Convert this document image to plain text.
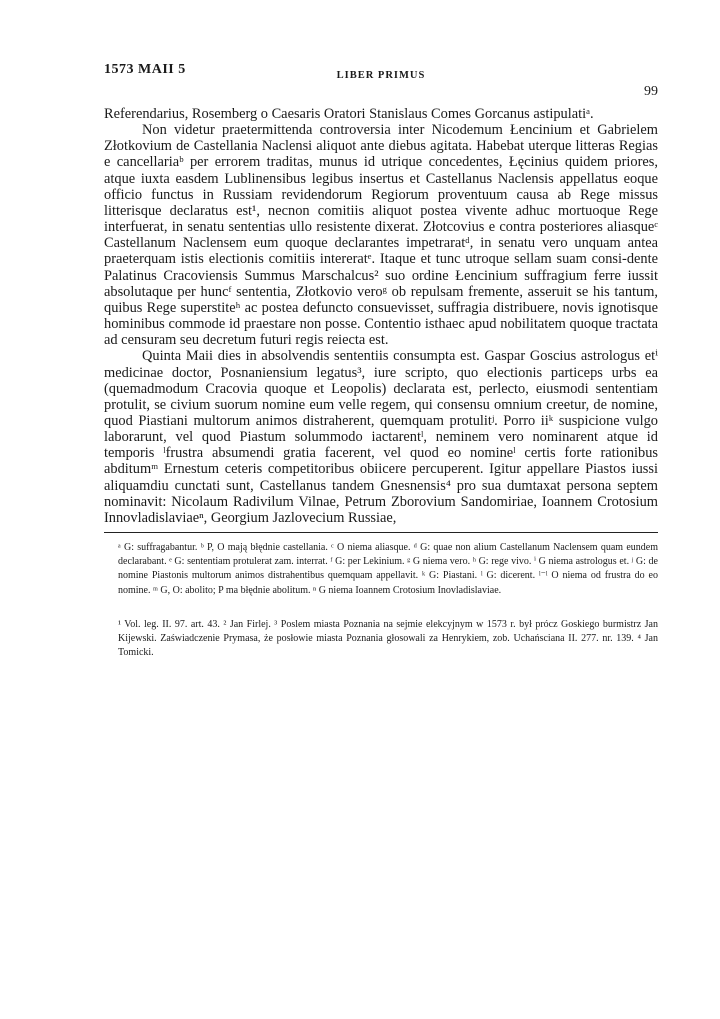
1573 MAII 5	LIBER PRIMUS
99

Referendarius, Rosemberg o Caesaris Oratori Stanislaus Comes Gorcanus astipulatiᵃ.

Non videtur praetermittenda controversia inter Nicodemum Łencinium et Gabrielem Złotkovium de Castellania Naclensi aliquot ante diebus agitata. Habebat uterque litteras Regias e cancellariaᵇ per errorem traditas, munus id utrique concedentes, Łęcinius quidem priores, atque iuxta easdem Lublinensibus legibus insertus et Castellanus Naclensis appellatus eoque officio functus in Russiam revidendorum Regiorum proventuum causa ab Rege missus litterisque declaratus est¹, necnon comitiis aliquot postea vivente adhuc mortuoque Rege interfuerat, in senatu sententias ullo resistente dixerat. Złotcovius e contra posteriores aliasqueᶜ Castellanum Naclensem eum quoque declarantes impetraratᵈ, in senatu vero unquam antea praeterquam istis electionis comitiis intereratᵉ. Itaque et tunc utroque sellam suam consi-dente Palatinus Cracoviensis Summus Marschalcus² suo ordine Łencinium suffragium ferre iussit absolutaque per huncᶠ sententia, Złotkovio veroᵍ ob repulsam fremente, asseruit se his tantum, quibus Rege superstiteʰ ac postea defuncto consuevisset, suffragia distribuere, novis ignotisque hominibus commode id praestare non posse. Contentio isthaec apud nobilitatem quoque tractata ad censuram seu decretum futuri regis reiecta est.

Quinta Maii dies in absolvendis sententiis consumpta est. Gaspar Goscius astrologus etⁱ medicinae doctor, Posnaniensium legatus³, iure scripto, quo electionis particeps urbs ea (quemadmodum Cracovia quoque et Leopolis) declarata est, perlecto, eiusmodi sententiam protulit, se civium suorum nomine eum velle regem, qui consensu omnium creetur, de nomine, quod Piastiani multorum animos distraherent, quemquam protulitʲ. Porro iiᵏ suspicione vulgo laborarunt, vel quod Piastum solummodo iactarentˡ, neminem vero nominarent atque id temporis ˡfrustra absumendi gratia facerent, vel quod eo nomineˡ certis forte rationibus abditumᵐ Ernestum ceteris competitoribus obiicere percuperent. Igitur appellare Piastos iussi aliquamdiu cunctati sunt, Castellanus tandem Gnesnensis⁴ pro sua dumtaxat persona septem nominavit: Nicolaum Radivilum Vilnae, Petrum Zborovium Sandomiriae, Ioannem Crotosium Innovladislaviaeⁿ, Georgium Jazlovecium Russiae,

ᵃ G: suffragabantur. ᵇ P, O mają błędnie castellania. ᶜ O niema aliasque. ᵈ G: quae non alium Castellanum Naclensem quam eundem declarabant. ᵉ G: sententiam protulerat zam. interrat. ᶠ G: per Lekinium. ᵍ G niema vero. ʰ G: rege vivo. ⁱ G niema astrologus et. ʲ G: de nomine Piastonis multorum animos distrahentibus quemquam appellavit. ᵏ G: Piastani. ˡ G: dicerent. ˡ⁻ˡ O niema od frustra do eo nomine. ᵐ G, O: abolito; P ma błędnie abolitum. ⁿ G niema Ioannem Crotosium Inovladislaviae.
¹ Vol. leg. II. 97. art. 43. ² Jan Firlej. ³ Poslem miasta Poznania na sejmie elekcyjnym w 1573 r. był prócz Goskiego burmistrz Jan Kijewski. Zaświadczenie Prymasa, że posłowie miasta Poznania głosowali za Henrykiem, zob. Uchańsciana II. 277. nr. 139. ⁴ Jan Tomicki.
